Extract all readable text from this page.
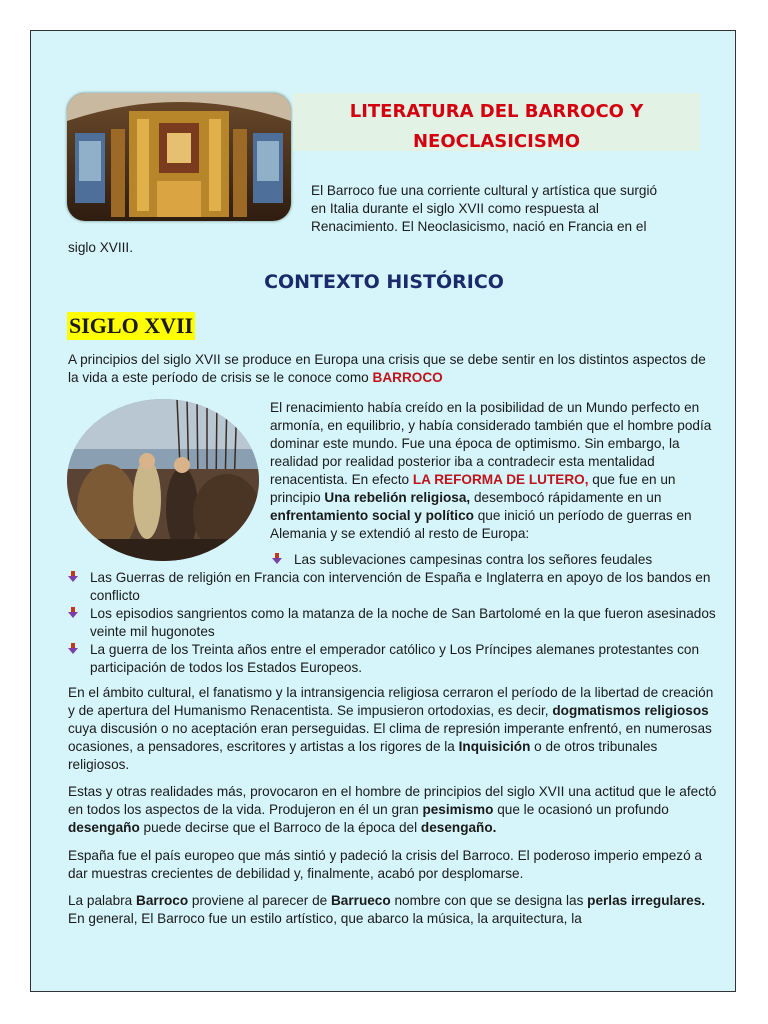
LITERATURA DEL BARROCO Y
NEOCLASICISMO

El Barroco fue una corriente cultural y artística que surgió en Italia durante el siglo XVII como respuesta al Renacimiento. El Neoclasicismo, nació en Francia en el

siglo XVIII.

CONTEXTO HISTÓRICO
SIGLO XVII

A principios del siglo XVII se produce en Europa una crisis que se debe sentir en los distintos aspectos de la vida a este período de crisis se le conoce como BARROCO

El renacimiento había creído en la posibilidad de un Mundo perfecto en armonía, en equilibrio, y había considerado también que el hombre podía dominar este mundo. Fue una época de optimismo. Sin embargo, la realidad por realidad posterior iba a contradecir esta mentalidad renacentista. En efecto LA REFORMA DE LUTERO, que fue en un principio Una rebelión religiosa, desembocó rápidamente en un enfrentamiento social y político que inició un período de guerras en Alemania y se extendió al resto de Europa:

Las sublevaciones campesinas contra los señores feudales
Las Guerras de religión en Francia con intervención de España e Inglaterra en apoyo de los bandos en conflicto
Los episodios sangrientos como la matanza de la noche de San Bartolomé en la que fueron asesinados veinte mil hugonotes
La guerra de los Treinta años entre el emperador católico y Los Príncipes alemanes protestantes con participación de todos los Estados Europeos.

En el ámbito cultural, el fanatismo y la intransigencia religiosa cerraron el período de la libertad de creación y de apertura del Humanismo Renacentista. Se impusieron ortodoxias, es decir, dogmatismos religiosos cuya discusión o no aceptación eran perseguidas. El clima de represión imperante enfrentó, en numerosas ocasiones, a pensadores, escritores y artistas a los rigores de la Inquisición o de otros tribunales religiosos.

Estas y otras realidades más, provocaron en el hombre de principios del siglo XVII una actitud que le afectó en todos los aspectos de la vida. Produjeron en él un gran pesimismo que le ocasionó un profundo desengaño puede decirse que el Barroco de la época del desengaño.

España fue el país europeo que más sintió y padeció la crisis del Barroco. El poderoso imperio empezó a dar muestras crecientes de debilidad y, finalmente, acabó por desplomarse.

La palabra Barroco proviene al parecer de Barrueco nombre con que se designa las perlas irregulares. En general, El Barroco fue un estilo artístico, que abarco la música, la arquitectura, la
